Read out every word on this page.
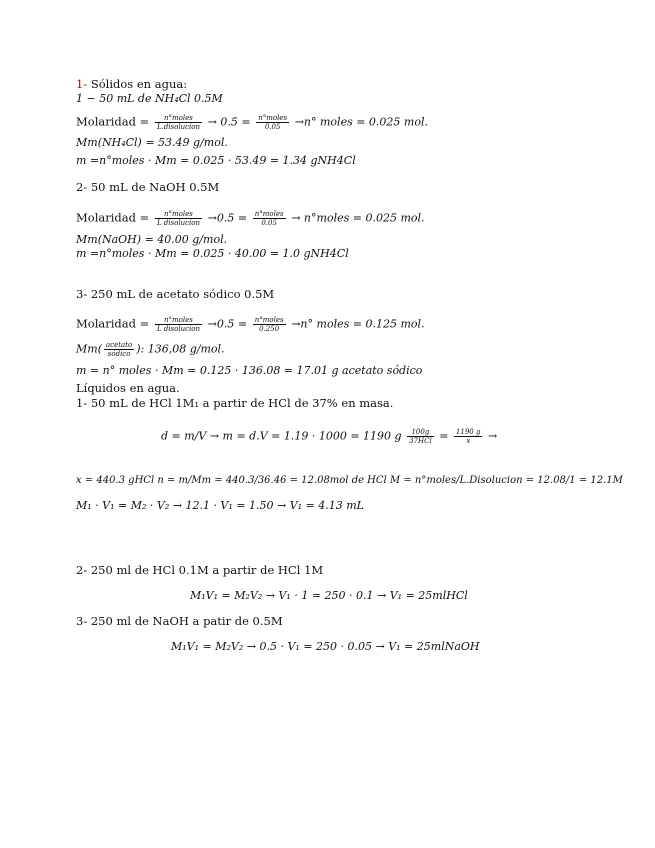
1- Sólidos en agua:
1 − 50 mL de NH₄Cl 0.5M
Molaridad = $\frac{\text{n°moles}}{\text{L.disolucion}} \to 0.5 = \frac{\text{n°moles}}{0.05} \to n^\circ$ moles = 0.025 mol.
Mm(NH₄Cl) = 53.49 g/mol.
m =n°moles · Mm = 0.025 · 53.49 = 1.34 gNH4Cl
2- 50 mL de NaOH 0.5M
Molaridad = $\frac{\text{n°moles}}{\text{L disolucion}} \to 0.5 = \frac{\text{n°moles}}{0.05}$ → n°moles = 0.025 mol.
Mm(NaOH) = 40.00 g/mol.
m =n°moles · Mm = 0.025 · 40.00 = 1.0 gNH4Cl
3- 250 mL de acetato sódico 0.5M
Molaridad = $\frac{\text{n°moles}}{\text{L disolucion}} \to 0.5 = \frac{\text{n°moles}}{0.250} \to n^\circ$ moles = 0.125 mol.
$Mm( \frac{\text{acetato}}{\text{sódico}}$ ): 136,08 g/mol.
m = n° moles · Mm = 0.125 · 136.08 = 17.01 g acetato sódico
Líquidos en agua.
1- 50 mL de HCl 1M₁ a partir de HCl de 37% en masa.
d = m/V → m = d.V = 1.19 · 1000 = 1190 g $\frac{100g}{\text{37HCl}} = \frac{1190 g}{x}$ →
x = 440.3 gHCl n = m/Mm = 440.3/36.46 = 12.08mol de HCl M = n°moles/L.Disolucion = 12.08/1 = 12.1M
M₁ · V₁ = M₂ · V₂ → 12.1 · V₁ = 1.50 → V₁ = 4.13 mL
2- 250 ml de HCl 0.1M a partir de HCl 1M
M₁V₁ = M₂V₂ → V₁ · 1 = 250 · 0.1 → V₁ = 25mlHCl
3- 250 ml de NaOH a patir de 0.5M
M₁V₁ = M₂V₂ → 0.5 · V₁ = 250 · 0.05 → V₁ = 25mlNaOH
